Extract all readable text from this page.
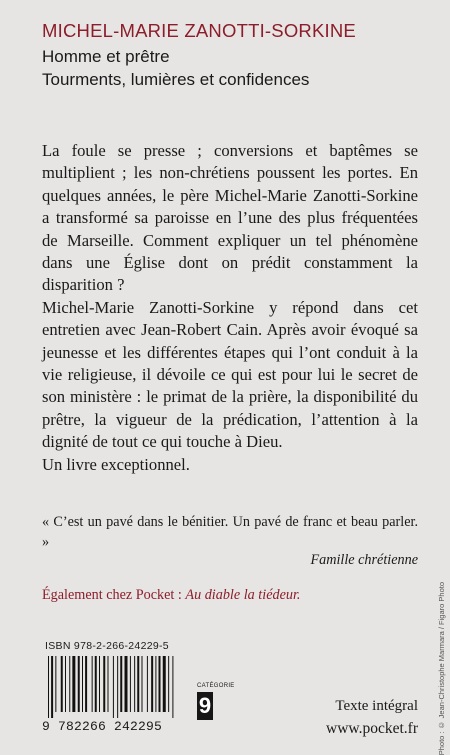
MICHEL-MARIE ZANOTTI-SORKINE
Homme et prêtre
Tourments, lumières et confidences

La foule se presse ; conversions et baptêmes se multiplient ; les non-chrétiens poussent les portes. En quelques années, le père Michel-Marie Zanotti-Sorkine a transformé sa paroisse en l’une des plus fréquentées de Marseille. Comment expliquer un tel phénomène dans une Église dont on prédit constamment la disparition ?

Michel-Marie Zanotti-Sorkine y répond dans cet entretien avec Jean-Robert Cain. Après avoir évoqué sa jeunesse et les différentes étapes qui l’ont conduit à la vie religieuse, il dévoile ce qui est pour lui le secret de son ministère : le primat de la prière, la disponibilité du prêtre, la vigueur de la prédication, l’attention à la dignité de tout ce qui touche à Dieu.

Un livre exceptionnel.

« C’est un pavé dans le bénitier. Un pavé de franc et beau parler. »
Famille chrétienne
Également chez Pocket : Au diable la tiédeur.
ISBN 978-2-266-24229-5
9 782266 242295
CATÉGORIE
9	Texte intégral
www.pocket.fr	Photo : © Jean-Christophe Marmara / Figaro Photo
